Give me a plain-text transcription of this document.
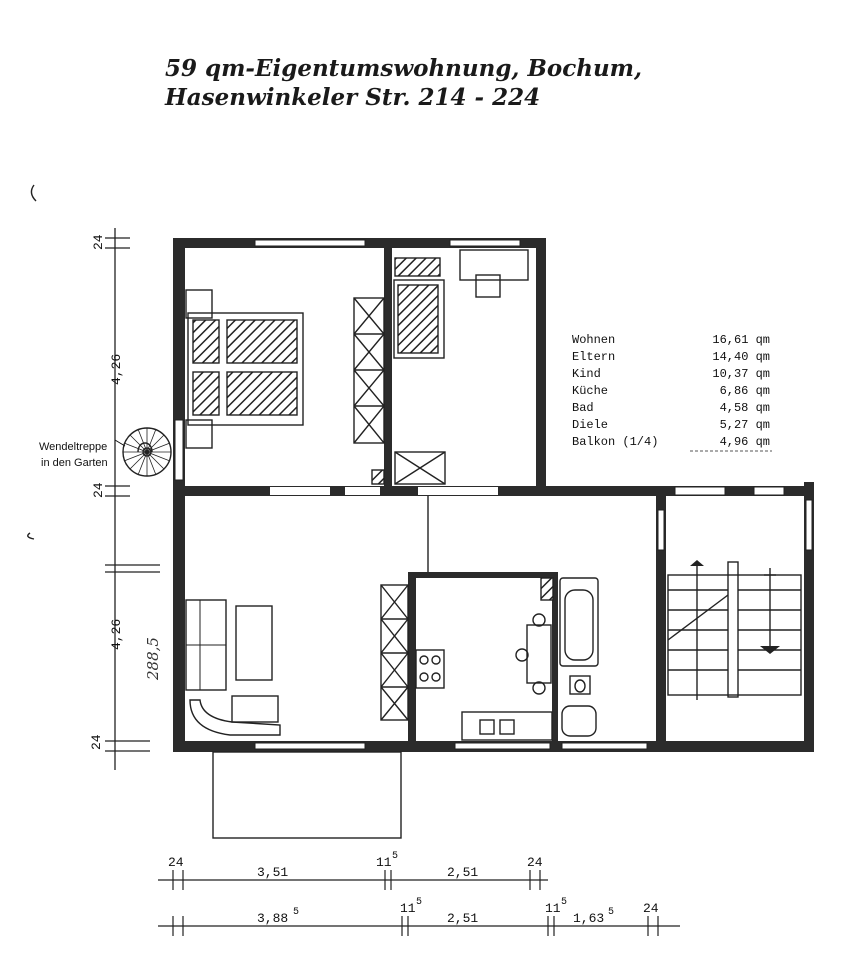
59 qm-Eigentumswohnung, Bochum,
Hasenwinkeler Str. 214 - 224
Wendeltreppe
in den Garten
Wohnen	16,61 qm
Eltern	14,40 qm
Kind	10,37 qm
Küche	6,86 qm
Bad	4,58 qm
Diele	5,27 qm
Balkon (1/4)	4,96 qm
24
4,26
24
4,26
24
288,5
24
3,51
11 5
2,51
24
3,88 5	11 5
2,51
11 5
1,63 5 24
